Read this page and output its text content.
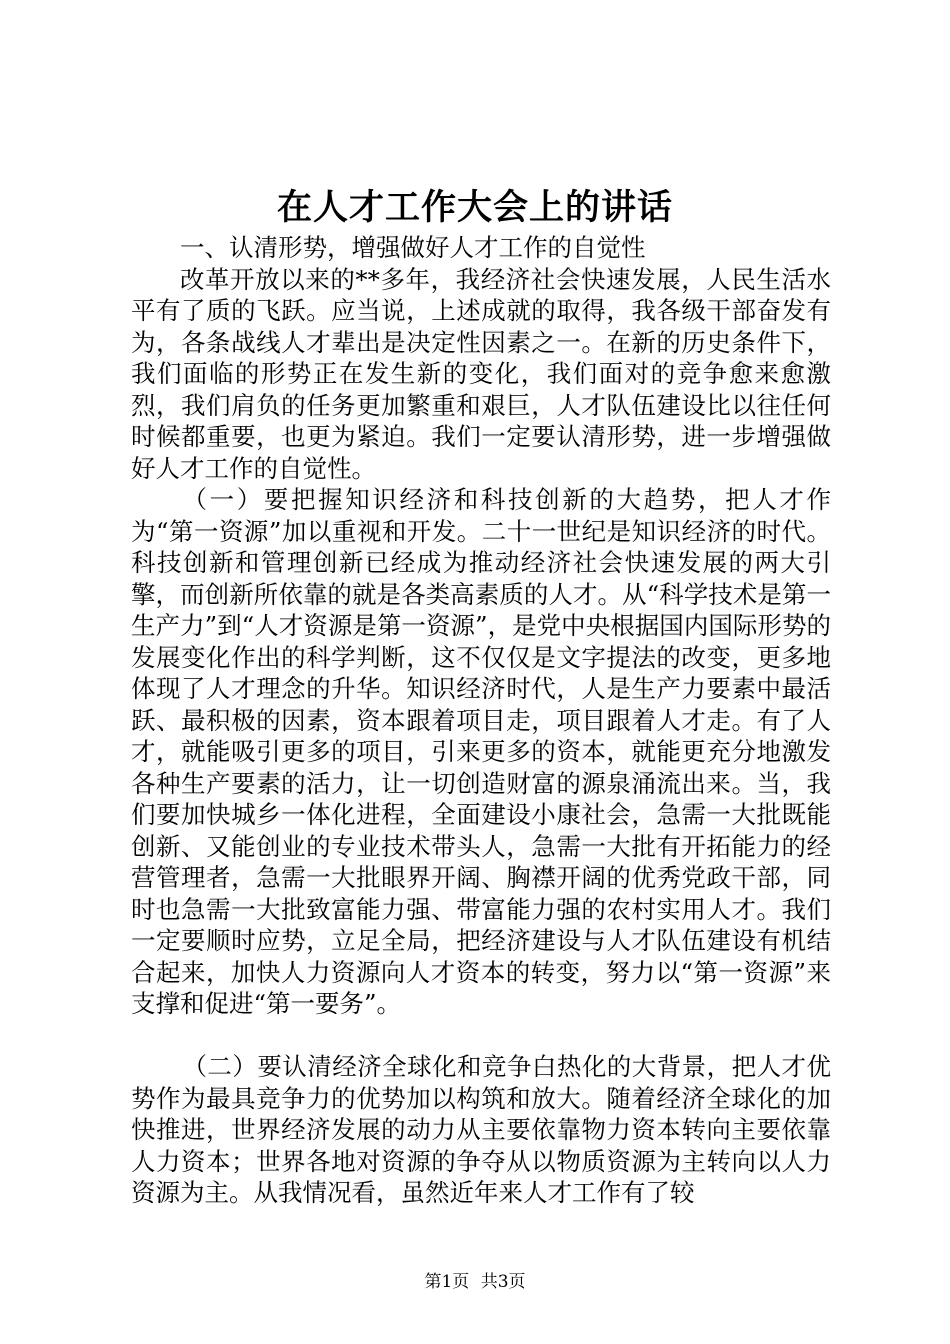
在人才工作大会上的讲话

一、认清形势，增强做好人才工作的自觉性

改革开放以来的**多年，我经济社会快速发展，人民生活水平有了质的飞跃。应当说，上述成就的取得，我各级干部奋发有为，各条战线人才辈出是决定性因素之一。在新的历史条件下，我们面临的形势正在发生新的变化，我们面对的竞争愈来愈激烈，我们肩负的任务更加繁重和艰巨，人才队伍建设比以往任何时候都重要，也更为紧迫。我们一定要认清形势，进一步增强做好人才工作的自觉性。

（一）要把握知识经济和科技创新的大趋势，把人才作为“第一资源”加以重视和开发。二十一世纪是知识经济的时代。科技创新和管理创新已经成为推动经济社会快速发展的两大引擎，而创新所依靠的就是各类高素质的人才。从“科学技术是第一生产力”到“人才资源是第一资源”，是党中央根据国内国际形势的发展变化作出的科学判断，这不仅仅是文字提法的改变，更多地体现了人才理念的升华。知识经济时代，人是生产力要素中最活跃、最积极的因素，资本跟着项目走，项目跟着人才走。有了人才，就能吸引更多的项目，引来更多的资本，就能更充分地激发各种生产要素的活力，让一切创造财富的源泉涌流出来。当，我们要加快城乡一体化进程，全面建设小康社会，急需一大批既能创新、又能创业的专业技术带头人，急需一大批有开拓能力的经营管理者，急需一大批眼界开阔、胸襟开阔的优秀党政干部，同时也急需一大批致富能力强、带富能力强的农村实用人才。我们一定要顺时应势，立足全局，把经济建设与人才队伍建设有机结合起来，加快人力资源向人才资本的转变，努力以“第一资源”来支撑和促进“第一要务”。

（二）要认清经济全球化和竞争白热化的大背景，把人才优势作为最具竞争力的优势加以构筑和放大。随着经济全球化的加快推进，世界经济发展的动力从主要依靠物力资本转向主要依靠人力资本；世界各地对资源的争夺从以物质资源为主转向以人力资源为主。从我情况看，虽然近年来人才工作有了较

第1页 共3页
